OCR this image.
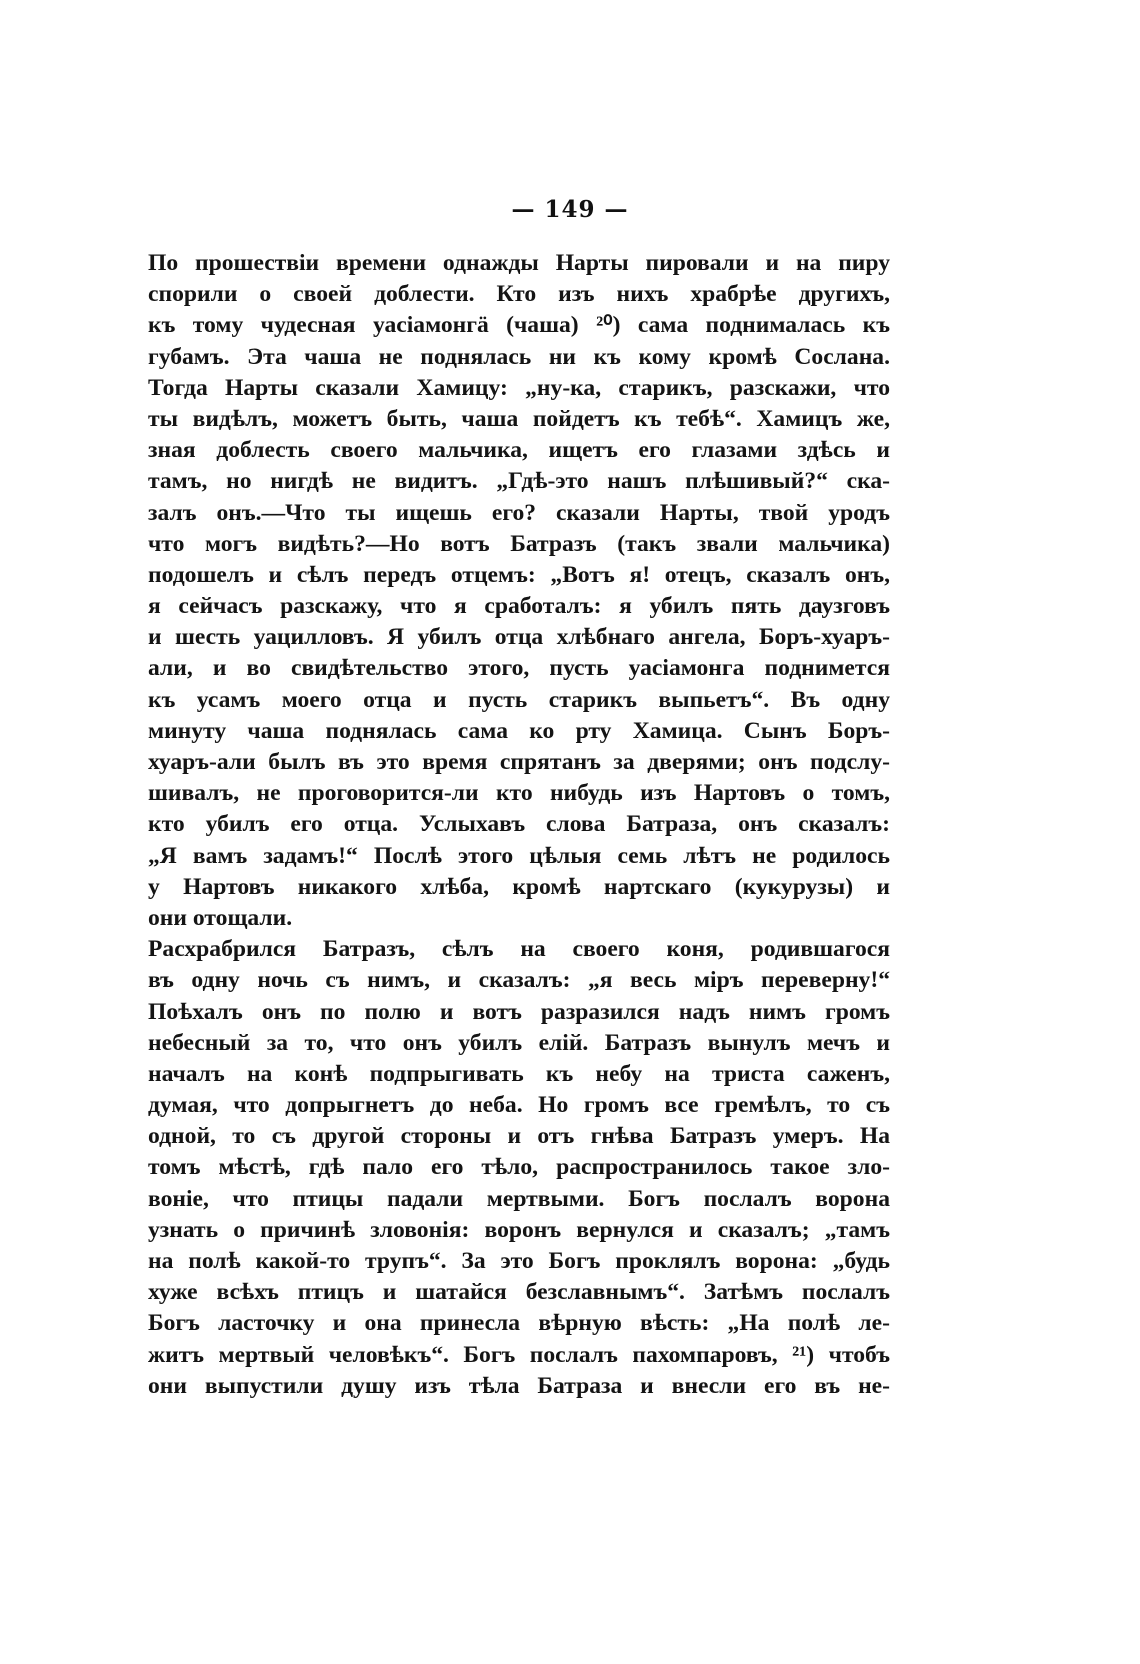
— 149 —
По прошествіи времени однажды Нарты пировали и на пиру
спорили о своей доблести. Кто изъ нихъ храбрѣе другихъ,
къ тому чудесная уасіамонгä (чаша) ²⁰) сама поднималась къ
губамъ. Эта чаша не поднялась ни къ кому кромѣ Сослана.
Тогда Нарты сказали Хамицу: „ну-ка, старикъ, разскажи, что
ты видѣлъ, можетъ быть, чаша пойдетъ къ тебѣ“. Хамицъ же,
зная доблесть своего мальчика, ищетъ его глазами здѣсь и
тамъ, но нигдѣ не видитъ. „Гдѣ-это нашъ плѣшивый?“ ска-
залъ онъ.—Что ты ищешь его? сказали Нарты, твой уродъ
что могъ видѣть?—Но вотъ Батразъ (такъ звали мальчика)
подошелъ и сѣлъ передъ отцемъ: „Вотъ я! отецъ, сказалъ онъ,
я сейчасъ разскажу, что я сработалъ: я убилъ пять даузговъ
и шесть уацилловъ. Я убилъ отца хлѣбнаго ангела, Боръ-хуаръ-
али, и во свидѣтельство этого, пусть уасіамонга поднимется
къ усамъ моего отца и пусть старикъ выпьетъ“. Въ одну
минуту чаша поднялась сама ко рту Хамица. Сынъ Боръ-
хуаръ-али былъ въ это время спрятанъ за дверями; онъ подслу-
шивалъ, не проговорится-ли кто нибудь изъ Нартовъ о томъ,
кто убилъ его отца. Услыхавъ слова Батраза, онъ сказалъ:
„Я вамъ задамъ!“ Послѣ этого цѣлыя семь лѣтъ не родилось
у Нартовъ никакого хлѣба, кромѣ нартскаго (кукурузы) и
они отощали.
Расхрабрился Батразъ, сѣлъ на своего коня, родившагося
въ одну ночь съ нимъ, и сказалъ: „я весь міръ переверну!“
Поѣхалъ онъ по полю и вотъ разразился надъ нимъ громъ
небесный за то, что онъ убилъ елій. Батразъ вынулъ мечъ и
началъ на конѣ подпрыгивать къ небу на триста саженъ,
думая, что допрыгнетъ до неба. Но громъ все гремѣлъ, то съ
одной, то съ другой стороны и отъ гнѣва Батразъ умеръ. На
томъ мѣстѣ, гдѣ пало его тѣло, распространилось такое зло-
воніе, что птицы падали мертвыми. Богъ послалъ ворона
узнать о причинѣ зловонія: воронъ вернулся и сказалъ; „тамъ
на полѣ какой-то трупъ“. За это Богъ проклялъ ворона: „будь
хуже всѣхъ птицъ и шатайся безславнымъ“. Затѣмъ послалъ
Богъ ласточку и она принесла вѣрную вѣсть: „На полѣ ле-
житъ мертвый человѣкъ“. Богъ послалъ пахомпаровъ, ²¹) чтобъ
они выпустили душу изъ тѣла Батраза и внесли его въ не-
